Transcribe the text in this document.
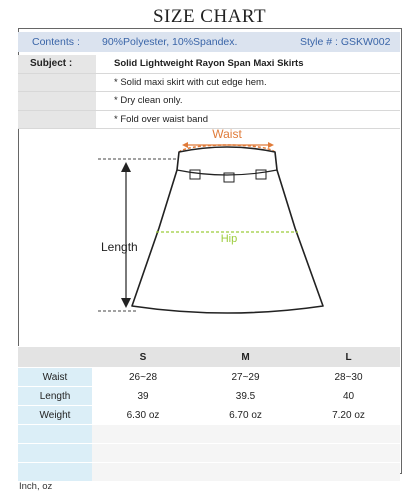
SIZE CHART
Contents : 90%Polyester, 10%Spandex.	Style # : GSKW002
Subject :	Solid Lightweight Rayon Span Maxi Skirts
* Solid maxi skirt with cut edge hem.
* Dry clean only.
* Fold over waist band
Waist
Hip
Length
	S	M	L
Waist	26~28	27~29	28~30
Length	39	39.5	40
Weight	6.30 oz	6.70 oz	7.20 oz

Inch, oz
